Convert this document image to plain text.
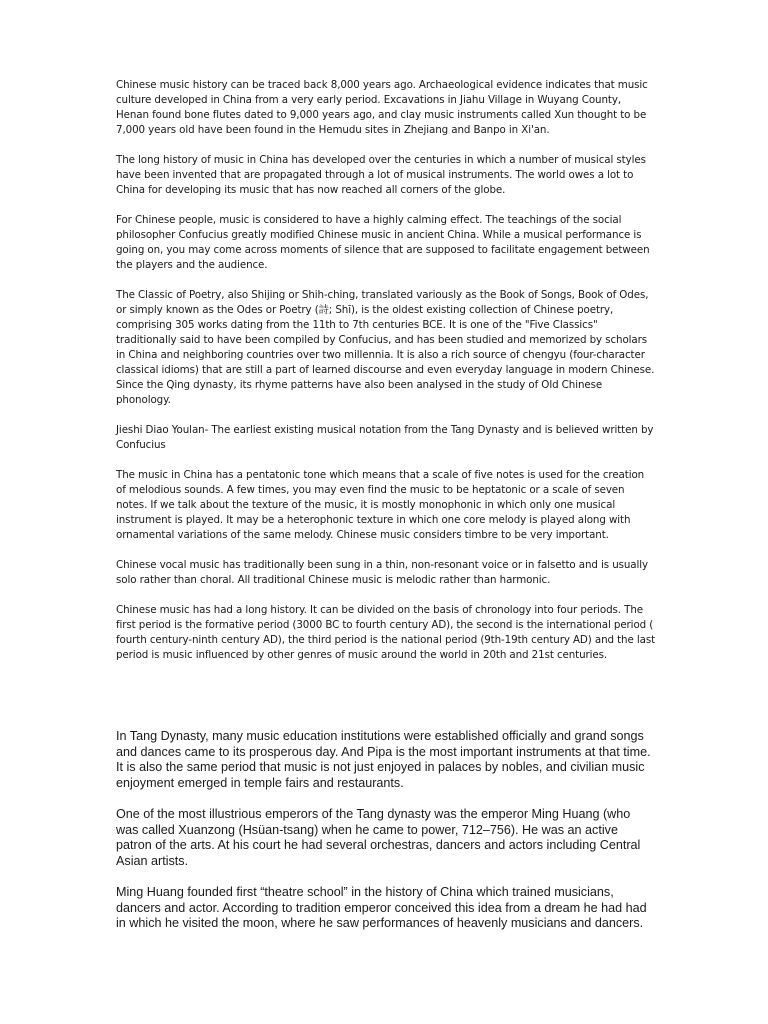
Chinese music history can be traced back 8,000 years ago. Archaeological evidence indicates that music culture developed in China from a very early period. Excavations in Jiahu Village in Wuyang County, Henan found bone flutes dated to 9,000 years ago, and clay music instruments called Xun thought to be 7,000 years old have been found in the Hemudu sites in Zhejiang and Banpo in Xi'an.

The long history of music in China has developed over the centuries in which a number of musical styles have been invented that are propagated through a lot of musical instruments. The world owes a lot to China for developing its music that has now reached all corners of the globe.

For Chinese people, music is considered to have a highly calming effect. The teachings of the social philosopher Confucius greatly modified Chinese music in ancient China. While a musical performance is going on, you may come across moments of silence that are supposed to facilitate engagement between the players and the audience.

The Classic of Poetry, also Shijing or Shih-ching, translated variously as the Book of Songs, Book of Odes, or simply known as the Odes or Poetry (詩; Shī), is the oldest existing collection of Chinese poetry, comprising 305 works dating from the 11th to 7th centuries BCE. It is one of the "Five Classics" traditionally said to have been compiled by Confucius, and has been studied and memorized by scholars in China and neighboring countries over two millennia. It is also a rich source of chengyu (four-character classical idioms) that are still a part of learned discourse and even everyday language in modern Chinese. Since the Qing dynasty, its rhyme patterns have also been analysed in the study of Old Chinese phonology.

Jieshi Diao Youlan- The earliest existing musical notation from the Tang Dynasty and is believed written by Confucius

The music in China has a pentatonic tone which means that a scale of five notes is used for the creation of melodious sounds. A few times, you may even find the music to be heptatonic or a scale of seven notes. If we talk about the texture of the music, it is mostly monophonic in which only one musical instrument is played. It may be a heterophonic texture in which one core melody is played along with ornamental variations of the same melody. Chinese music considers timbre to be very important.

Chinese vocal music has traditionally been sung in a thin, non-resonant voice or in falsetto and is usually solo rather than choral. All traditional Chinese music is melodic rather than harmonic.

Chinese music has had a long history. It can be divided on the basis of chronology into four periods. The first period is the formative period (3000 BC to fourth century AD), the second is the international period ( fourth century-ninth century AD), the third period is the national period (9th-19th century AD) and the last period is music influenced by other genres of music around the world in 20th and 21st centuries.

In Tang Dynasty, many music education institutions were established officially and grand songs and dances came to its prosperous day. And Pipa is the most important instruments at that time. It is also the same period that music is not just enjoyed in palaces by nobles, and civilian music enjoyment emerged in temple fairs and restaurants.

One of the most illustrious emperors of the Tang dynasty was the emperor Ming Huang (who was called Xuanzong (Hsüan-tsang) when he came to power, 712–756). He was an active patron of the arts. At his court he had several orchestras, dancers and actors including Central Asian artists.

Ming Huang founded first “theatre school” in the history of China which trained musicians, dancers and actor. According to tradition emperor conceived this idea from a dream he had had in which he visited the moon, where he saw performances of heavenly musicians and dancers.
